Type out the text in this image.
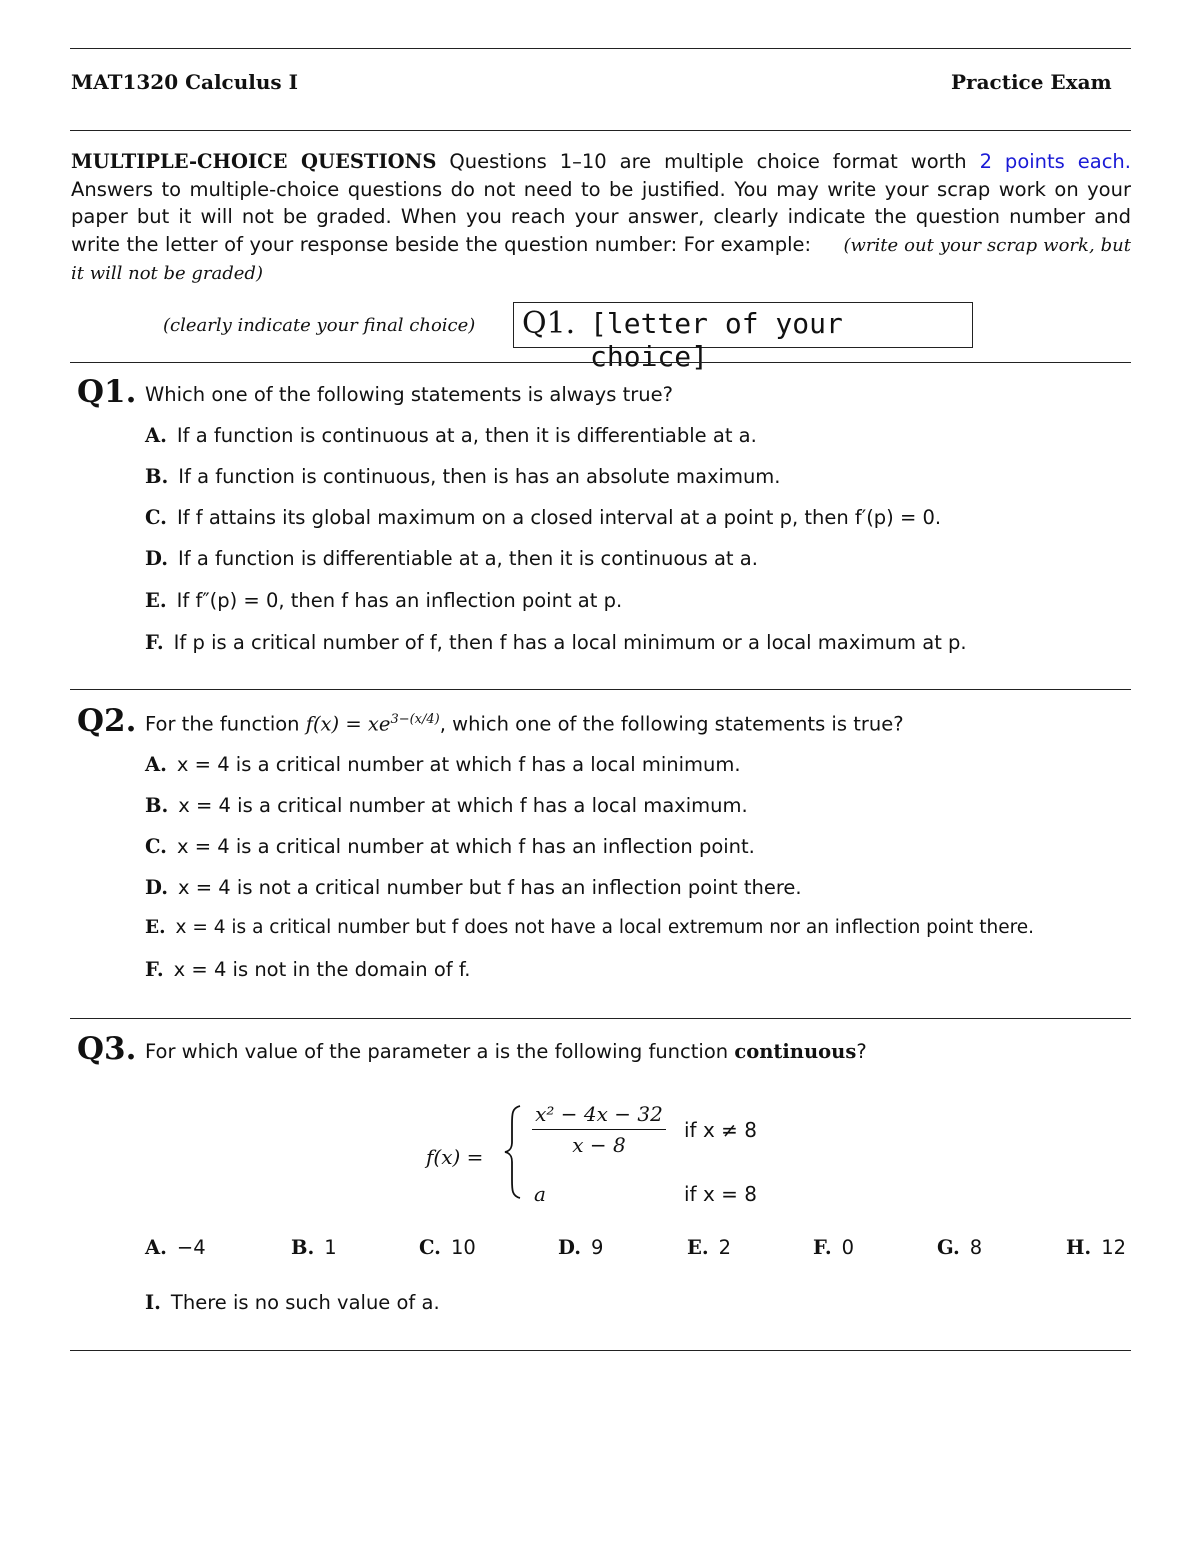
MAT1320 Calculus I	Practice Exam
MULTIPLE-CHOICE QUESTIONS Questions 1–10 are multiple choice format worth 2 points each. Answers to multiple-choice questions do not need to be justified. You may write your scrap work on your paper but it will not be graded. When you reach your answer, clearly indicate the question number and write the letter of your response beside the question number: For example: (write out your scrap work, but it will not be graded)
(clearly indicate your final choice) Q1. [letter of your choice]
Q1. Which one of the following statements is always true?
A. If a function is continuous at a, then it is differentiable at a.
B. If a function is continuous, then is has an absolute maximum.
C. If f attains its global maximum on a closed interval at a point p, then f′(p) = 0.
D. If a function is differentiable at a, then it is continuous at a.
E. If f″(p) = 0, then f has an inflection point at p.
F. If p is a critical number of f, then f has a local minimum or a local maximum at p.
Q2. For the function $f(x) = xe^{3-(x/4)}$, which one of the following statements is true?
A. x = 4 is a critical number at which f has a local minimum.
B. x = 4 is a critical number at which f has a local maximum.
C. x = 4 is a critical number at which f has an inflection point.
D. x = 4 is not a critical number but f has an inflection point there.
E. x = 4 is a critical number but f does not have a local extremum nor an inflection point there.
F. x = 4 is not in the domain of f.
Q3. For which value of the parameter a is the following function continuous?
f(x) =
x² − 4x − 32
x − 8
if x ≠ 8
a	if x = 8
A. −4	B. 1	C. 10	D. 9	E. 2	F. 0	G. 8	H. 12
I. There is no such value of a.
